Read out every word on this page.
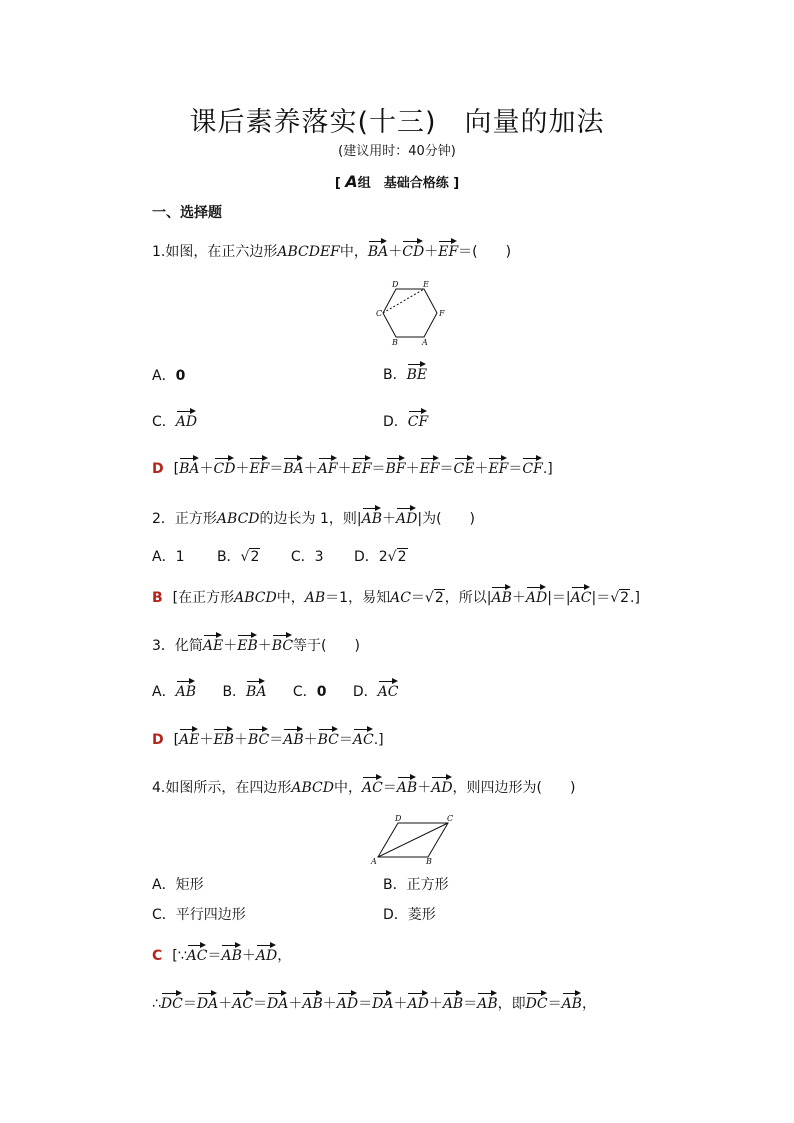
课后素养落实(十三)　向量的加法
(建议用时：40分钟)
[ A组　基础合格练 ]
一、选择题
1.如图，在正六边形ABCDEF中，BA＋CD＋EF＝(　　)
D	E
C	F
B	A
A．0	B．BE
C．AD	D．CF
D [BA＋CD＋EF＝BA＋AF＋EF＝BF＋EF＝CE＋EF＝CF.]
2．正方形ABCD的边长为 1，则|AB＋AD|为(　　)
A．1 B．√2 C．3 D．2√2
B [在正方形ABCD中，AB＝1，易知AC＝√2，所以|AB＋AD|＝|AC|＝√2.]
3．化简AE＋EB＋BC等于(　　)
A．AB B．BA C．0 D．AC
D [AE＋EB＋BC＝AB＋BC＝AC.]
4.如图所示，在四边形ABCD中，AC＝AB＋AD，则四边形为(　　)
D	C
A	B
A．矩形	B．正方形
C．平行四边形	D．菱形
C [∵AC＝AB＋AD，
∴DC＝DA＋AC＝DA＋AB＋AD＝DA＋AD＋AB＝AB，即DC＝AB，
